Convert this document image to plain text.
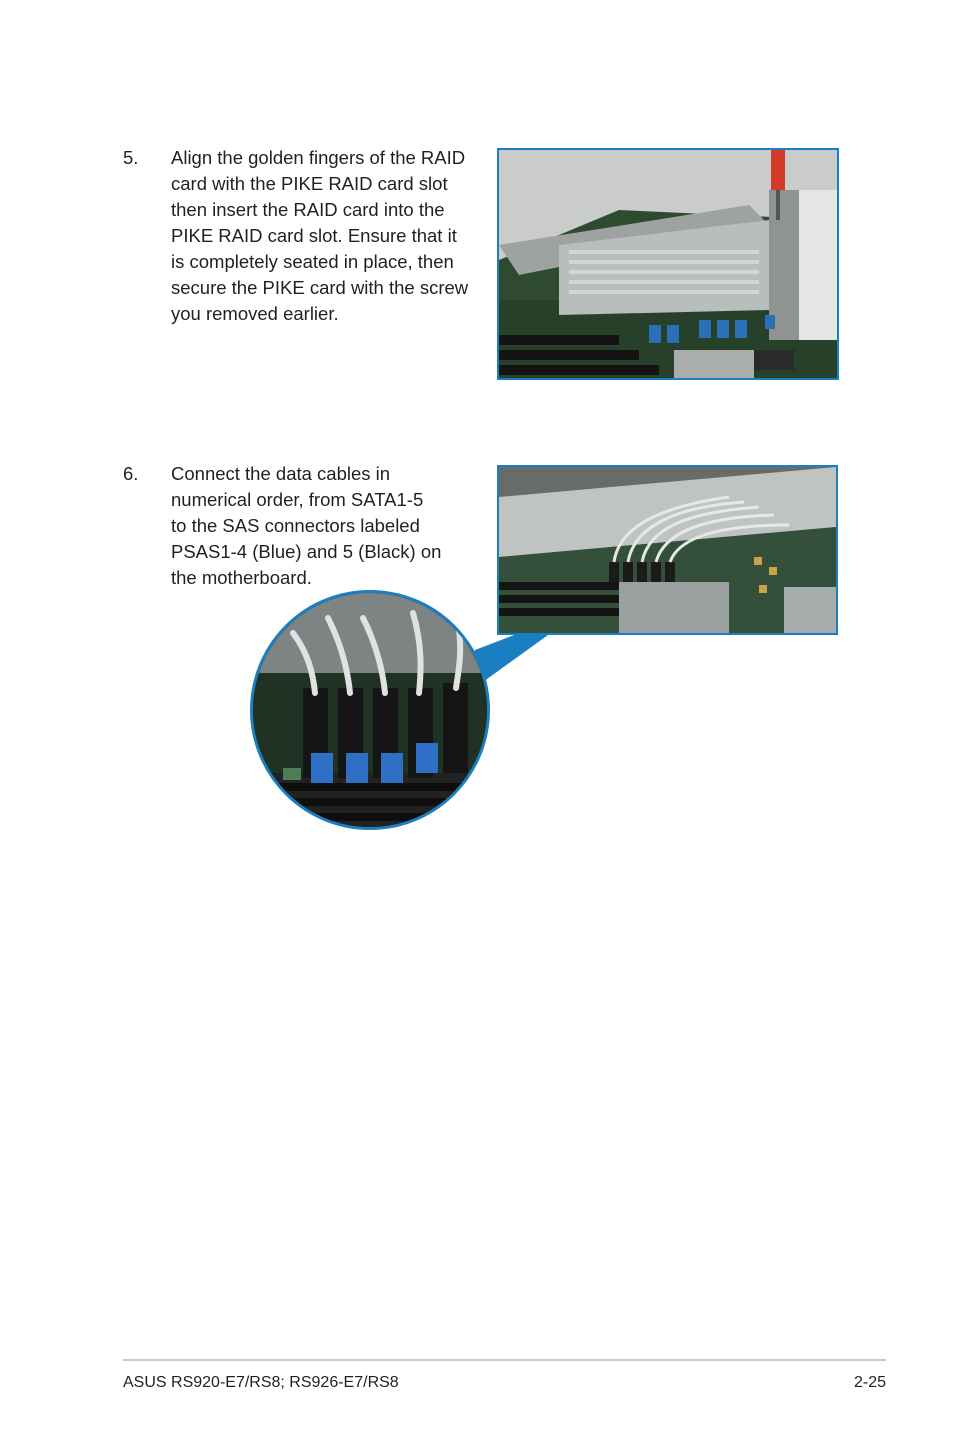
5. Align the golden fingers of the RAID
card with the PIKE RAID card slot
then insert the RAID card into the
PIKE RAID card slot. Ensure that it
is completely seated in place, then
secure the PIKE card with the screw
you removed earlier.
6. Connect the data cables in
numerical order, from SATA1-5
to the SAS connectors labeled
PSAS1-4 (Blue) and 5 (Black) on
the motherboard.
ASUS RS920-E7/RS8; RS926-E7/RS8	2-25
